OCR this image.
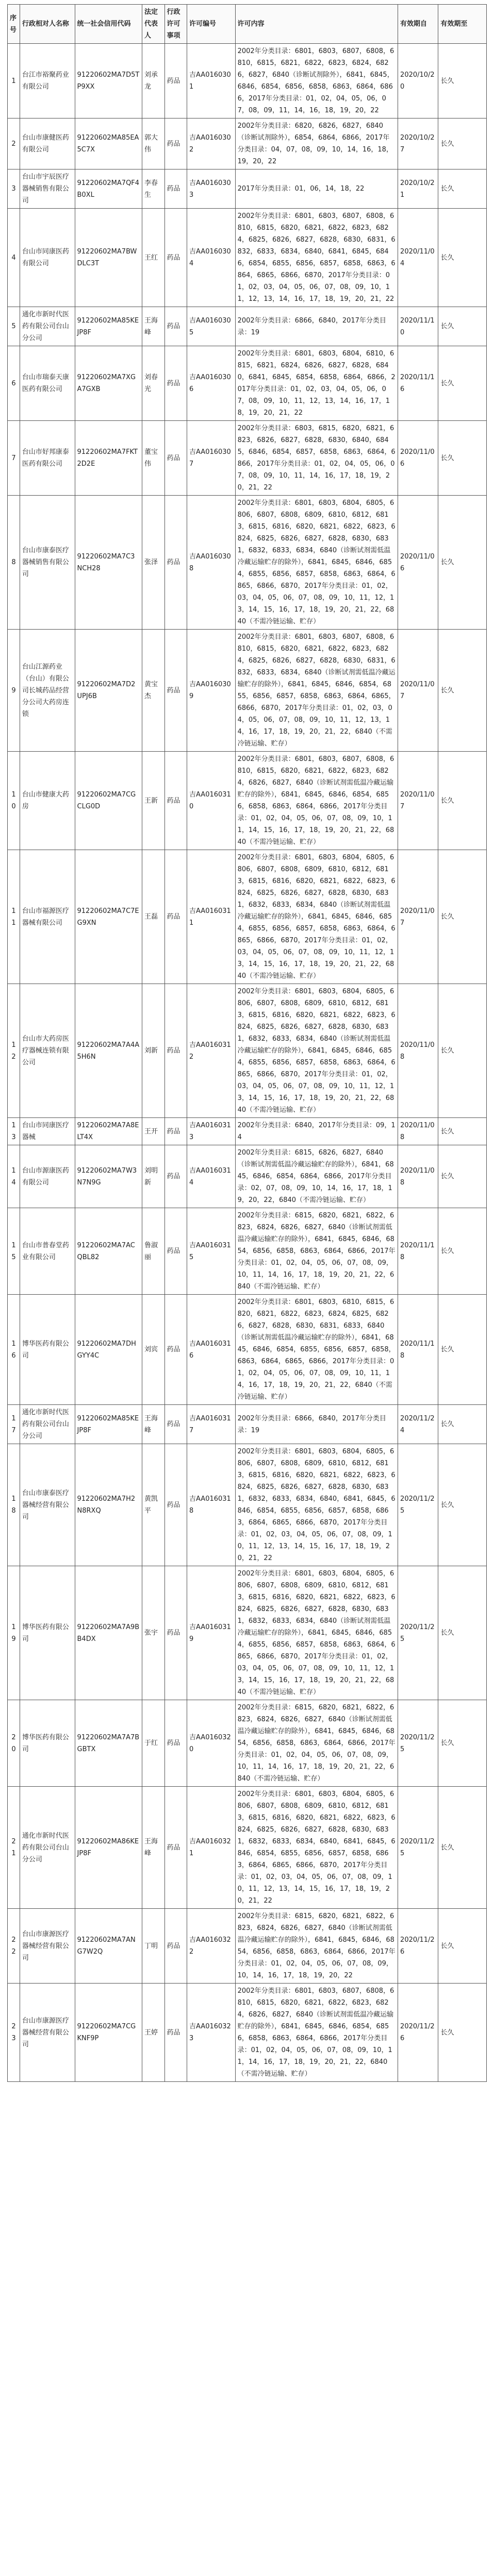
序号	行政相对人名称	统一社会信用代码	法定代表人	行政许可事项	许可编号	许可内容	有效期自	有效期至
1	台江市裕聚药业有限公司	91220602MA7D5TP9XX	刘承龙	药品	吉AA0160301	2002年分类目录：6801，6803，6807，6808，6810，6815，6821，6822，6823，6824，6826，6827，6840（诊断试剂除外），6841，6845，6846，6854，6856，6858，6863，6864，6866，2017年分类目录：01，02，04，05，06，07，08，09，11，14，16，18，19，20，22	2020/10/20	长久
2	台山市康健医药有限公司	91220602MA85EA5C7X	郭大伟	药品	吉AA0160302	2002年分类目录：6820，6826，6827，6840（诊断试剂除外），6854，6864，6866，2017年分类目录：04，07，08，09，10，14，16，18，19，20，22	2020/10/27	长久
3	台山市宇辰医疗器械销售有限公司	91220602MA7QF4B0XL	李春生	药品	吉AA0160303	2017年分类目录：01，06，14，18，22	2020/10/21	长久
4	台山市同康医药有限公司	91220602MA7BWDLC3T	王红	药品	吉AA0160304	2002年分类目录：6801，6803，6807，6808，6810，6815，6820，6821，6822，6823，6824，6825，6826，6827，6828，6830，6831，6832，6833，6834，6840，6841，6845，6846，6854，6855，6856，6857，6858，6863，6864，6865，6866，6870，2017年分类目录：01，02，03，04，05，06，07，08，09，10，11，12，13，14，16，17，18，19，20，21，22	2020/11/04	长久
5	通化市新时代医药有限公司台山分公司	91220602MA85KEJP8F	王海峰	药品	吉AA0160305	2002年分类目录：6866，6840，2017年分类目录：19	2020/11/10	长久
6	台山市瑞泰天康医药有限公司	91220602MA7XGA7GXB	刘春光	药品	吉AA0160306	2002年分类目录：6801，6803，6804，6810，6815，6821，6824，6826，6827，6828，6840，6841，6845，6854，6858，6864，6866，2017年分类目录：01，02，03，04，05，06，07，08，09，10，11，12，13，14，16，17，18，19，20，21，22	2020/11/16	长久
7	台山市好邦康泰医药有限公司	91220602MA7FKT2D2E	董宝伟	药品	吉AA0160307	2002年分类目录：6803，6815，6820，6821，6823，6826，6827，6828，6830，6840，6845，6846，6854，6857，6858，6863，6864，6866，2017年分类目录：01，02，04，05，06，07，08，09，10，11，14，16，17，18，19，20，21，22	2020/11/06	长久
8	台山市康泰医疗器械销售有限公司	91220602MA7C3NCH28	张泽	药品	吉AA0160308	2002年分类目录：6801，6803，6804，6805，6806，6807，6808，6809，6810，6812，6813，6815，6816，6820，6821，6822，6823，6824，6825，6826，6827，6828，6830，6831，6832，6833，6834，6840（诊断试剂需低温冷藏运输贮存的除外），6841，6845，6846，6854，6855，6856，6857，6858，6863，6864，6865，6866，6870，2017年分类目录：01，02，03，04，05，06，07，08，09，10，11，12，13，14，15，16，17，18，19，20，21，22，6840（不需冷链运输、贮存）	2020/11/06	长久
9	台山江源药业（台山）有限公司长城药品经营分公司大药房连锁	91220602MA7D2UPJ6B	黄宝杰	药品	吉AA0160309	2002年分类目录：6801，6803，6807，6808，6810，6815，6820，6821，6822，6823，6824，6825，6826，6827，6828，6830，6831，6832，6833，6834，6840（诊断试剂需低温冷藏运输贮存的除外），6841，6845，6846，6854，6855，6856，6857，6858，6863，6864，6865，6866，6870，2017年分类目录：01，02，03，04，05，06，07，08，09，10，11，12，13，14，16，17，18，19，20，21，22，6840（不需冷链运输、贮存）	2020/11/07	长久
10	台山市健康大药房	91220602MA7CGCLG0D	王新	药品	吉AA0160310	2002年分类目录：6801，6803，6807，6808，6810，6815，6820，6821，6822，6823，6824，6826，6827，6840（诊断试剂需低温冷藏运输贮存的除外），6841，6845，6846，6854，6856，6858，6863，6864，6866，2017年分类目录：01，02，04，05，06，07，08，09，10，11，14，15，16，17，18，19，20，21，22，6840（不需冷链运输、贮存）	2020/11/07	长久
11	台山市福源医疗器械有限公司	91220602MA7C7EG9XN	王磊	药品	吉AA0160311	2002年分类目录：6801，6803，6804，6805，6806，6807，6808，6809，6810，6812，6813，6815，6816，6820，6821，6822，6823，6824，6825，6826，6827，6828，6830，6831，6832，6833，6834，6840（诊断试剂需低温冷藏运输贮存的除外），6841，6845，6846，6854，6855，6856，6857，6858，6863，6864，6865，6866，6870，2017年分类目录：01，02，03，04，05，06，07，08，09，10，11，12，13，14，15，16，17，18，19，20，21，22，6840（不需冷链运输、贮存）	2020/11/07	长久
12	台山市大药房医疗器械连锁有限公司	91220602MA7A4A5H6N	刘新	药品	吉AA0160312	2002年分类目录：6801，6803，6804，6805，6806，6807，6808，6809，6810，6812，6813，6815，6816，6820，6821，6822，6823，6824，6825，6826，6827，6828，6830，6831，6832，6833，6834，6840（诊断试剂需低温冷藏运输贮存的除外），6841，6845，6846，6854，6855，6856，6857，6858，6863，6864，6865，6866，6870，2017年分类目录：01，02，03，04，05，06，07，08，09，10，11，12，13，14，15，16，17，18，19，20，21，22，6840（不需冷链运输、贮存）	2020/11/08	长久
13	台山市同康医疗器械	91220602MA7A8ELT4X	王开	药品	吉AA0160313	2002年分类目录：6840，2017年分类目录：09，14	2020/11/08	长久
14	台山市源康医药有限公司	91220602MA7W3N7N9G	刘明新	药品	吉AA0160314	2002年分类目录：6815，6826，6827，6840（诊断试剂需低温冷藏运输贮存的除外），6841，6845，6846，6854，6864，6866，2017年分类目录：02，07，08，09，10，14，16，17，18，19，20，22，6840（不需冷链运输、贮存）	2020/11/08	长久
15	台山市普春堂药业有限公司	91220602MA7ACQBL82	鲁淑丽	药品	吉AA0160315	2002年分类目录：6815，6820，6821，6822，6823，6824，6826，6827，6840（诊断试剂需低温冷藏运输贮存的除外），6841，6845，6846，6854，6856，6858，6863，6864，6866，2017年分类目录：01，02，04，05，06，07，08，09，10，11，14，16，17，18，19，20，21，22，6840（不需冷链运输、贮存）	2020/11/18	长久
16	博华医药有限公司	91220602MA7DHGYY4C	刘宾	药品	吉AA0160316	2002年分类目录：6801，6803，6810，6815，6820，6821，6822，6823，6824，6825，6826，6827，6828，6830，6831，6833，6840（诊断试剂需低温冷藏运输贮存的除外），6841，6845，6846，6854，6855，6856，6857，6858，6863，6864，6865，6866，2017年分类目录：01，02，04，05，06，07，08，09，10，11，14，16，17，18，19，20，21，22，6840（不需冷链运输、贮存）	2020/11/18	长久
17	通化市新时代医药有限公司台山分公司	91220602MA85KEJP8F	王海峰	药品	吉AA0160317	2002年分类目录：6866，6840，2017年分类目录：19	2020/11/24	长久
18	台山市康泰医疗器械经营有限公司	91220602MA7H2N8RXQ	黄凯平	药品	吉AA0160318	2002年分类目录：6801，6803，6804，6805，6806，6807，6808，6809，6810，6812，6813，6815，6816，6820，6821，6822，6823，6824，6825，6826，6827，6828，6830，6831，6832，6833，6834，6840，6841，6845，6846，6854，6855，6856，6857，6858，6863，6864，6865，6866，6870，2017年分类目录：01，02，03，04，05，06，07，08，09，10，11，12，13，14，15，16，17，18，19，20，21，22	2020/11/25	长久
19	博华医药有限公司	91220602MA7A9BB4DX	张宇	药品	吉AA0160319	2002年分类目录：6801，6803，6804，6805，6806，6807，6808，6809，6810，6812，6813，6815，6816，6820，6821，6822，6823，6824，6825，6826，6827，6828，6830，6831，6832，6833，6834，6840（诊断试剂需低温冷藏运输贮存的除外），6841，6845，6846，6854，6855，6856，6857，6858，6863，6864，6865，6866，6870，2017年分类目录：01，02，03，04，05，06，07，08，09，10，11，12，13，14，15，16，17，18，19，20，21，22，6840（不需冷链运输、贮存）	2020/11/25	长久
20	博华医药有限公司	91220602MA7A7BGBTX	于红	药品	吉AA0160320	2002年分类目录：6815，6820，6821，6822，6823，6824，6826，6827，6840（诊断试剂需低温冷藏运输贮存的除外），6841，6845，6846，6854，6856，6858，6863，6864，6866，2017年分类目录：01，02，04，05，06，07，08，09，10，11，14，16，17，18，19，20，21，22，6840（不需冷链运输、贮存）	2020/11/25	长久
21	通化市新时代医药有限公司台山分公司	91220602MA86KEJP8F	王海峰	药品	吉AA0160321	2002年分类目录：6801，6803，6804，6805，6806，6807，6808，6809，6810，6812，6813，6815，6816，6820，6821，6822，6823，6824，6825，6826，6827，6828，6830，6831，6832，6833，6834，6840，6841，6845，6846，6854，6855，6856，6857，6858，6863，6864，6865，6866，6870，2017年分类目录：01，02，03，04，05，06，07，08，09，10，11，12，13，14，15，16，17，18，19，20，21，22	2020/11/25	长久
22	台山市康源医疗器械经营有限公司	91220602MA7ANG7W2Q	丁明	药品	吉AA0160322	2002年分类目录：6815，6820，6821，6822，6823，6824，6826，6827，6840（诊断试剂需低温冷藏运输贮存的除外），6841，6845，6846，6854，6856，6858，6863，6864，6866，2017年分类目录：01，02，04，05，06，07，08，09，10，14，16，17，18，19，20，22	2020/11/26	长久
23	台山市康源医疗器械经营有限公司	91220602MA7CGKNF9P	王婷	药品	吉AA0160323	2002年分类目录：6801，6803，6807，6808，6810，6815，6820，6821，6822，6823，6824，6826，6827，6840（诊断试剂需低温冷藏运输贮存的除外），6841，6845，6846，6854，6856，6858，6863，6864，6866，2017年分类目录：01，02，04，05，06，07，08，09，10，11，14，16，17，18，19，20，21，22，6840（不需冷链运输、贮存）	2020/11/26	长久
